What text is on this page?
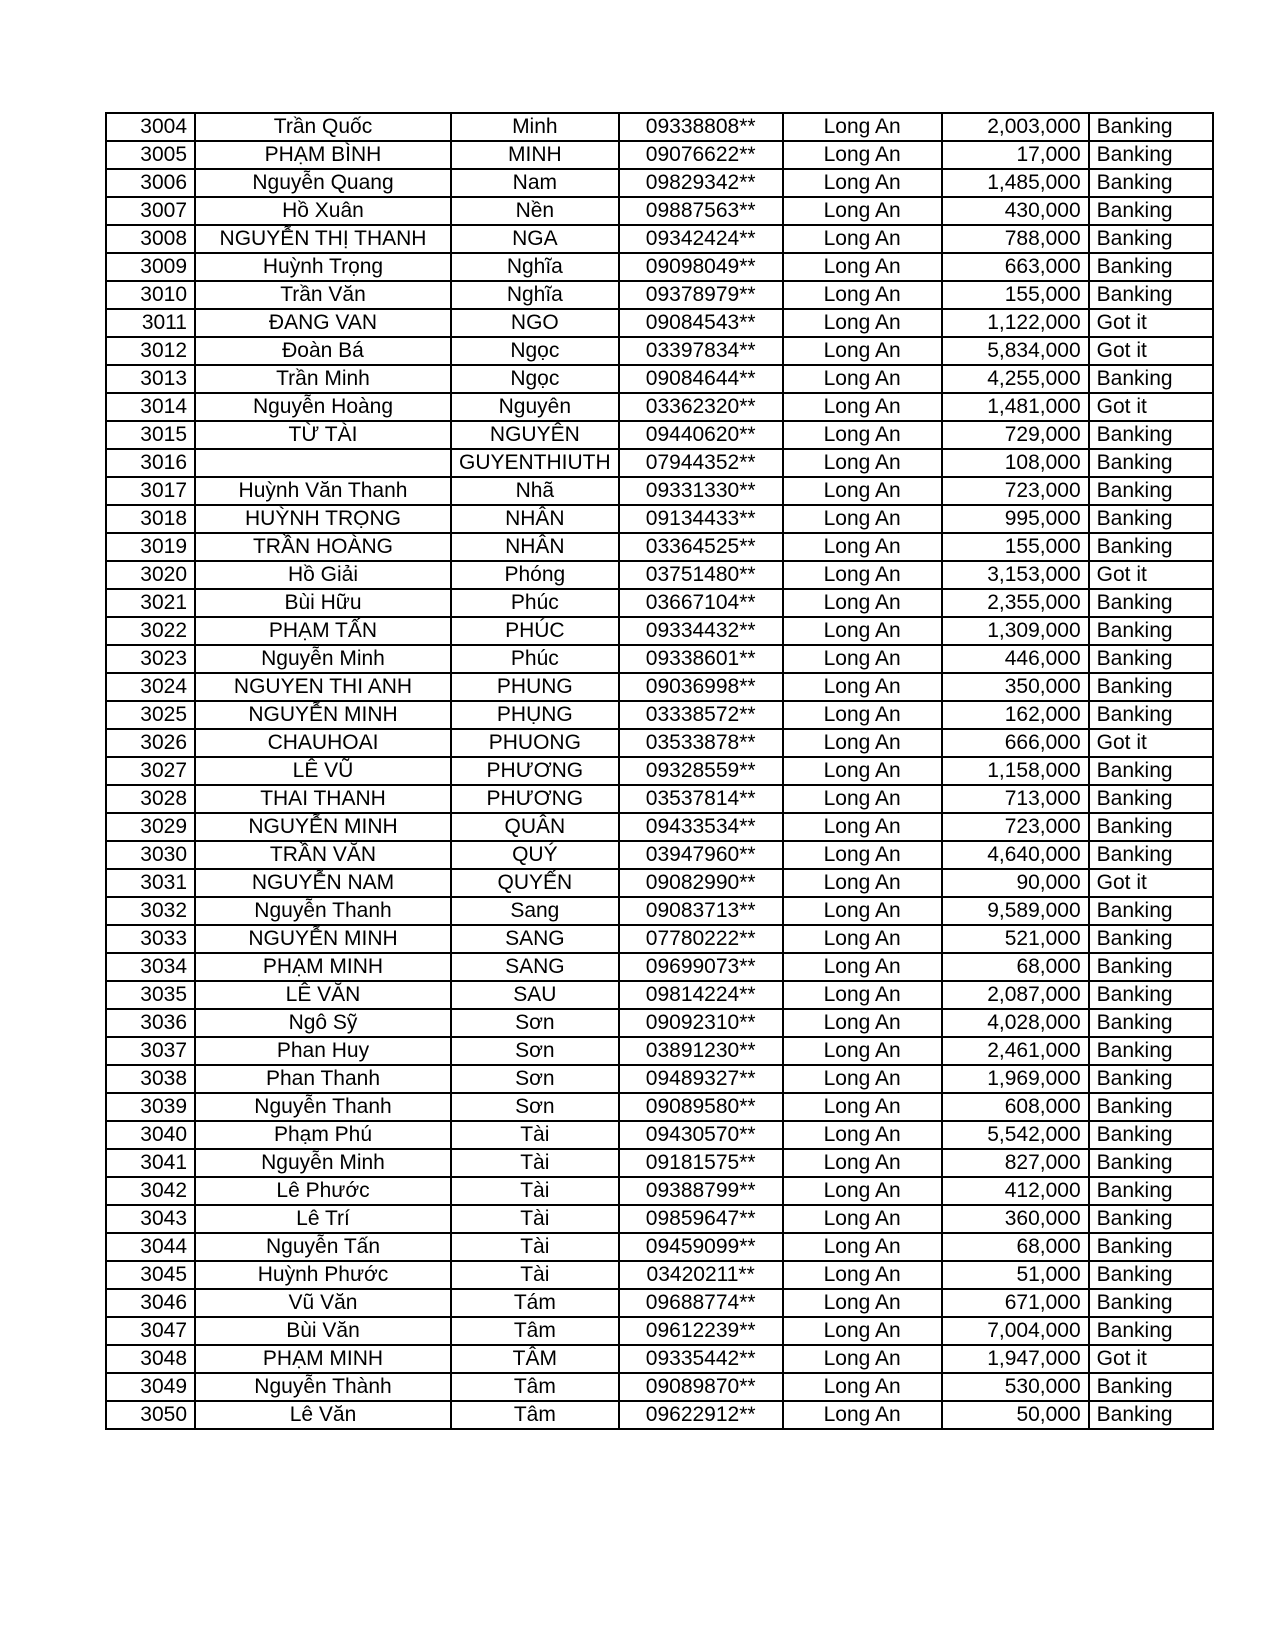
3004	Trần Quốc	Minh	09338808**	Long An	2,003,000	Banking
3005	PHẠM BÌNH	MINH	09076622**	Long An	17,000	Banking
3006	Nguyễn Quang	Nam	09829342**	Long An	1,485,000	Banking
3007	Hồ Xuân	Nền	09887563**	Long An	430,000	Banking
3008	NGUYỄN THỊ THANH	NGA	09342424**	Long An	788,000	Banking
3009	Huỳnh Trọng	Nghĩa	09098049**	Long An	663,000	Banking
3010	Trần Văn	Nghĩa	09378979**	Long An	155,000	Banking
3011	ĐANG VAN	NGO	09084543**	Long An	1,122,000	Got it
3012	Đoàn Bá	Ngọc	03397834**	Long An	5,834,000	Got it
3013	Trần Minh	Ngọc	09084644**	Long An	4,255,000	Banking
3014	Nguyễn Hoàng	Nguyên	03362320**	Long An	1,481,000	Got it
3015	TỪ TÀI	NGUYÊN	09440620**	Long An	729,000	Banking
3016		GUYENTHIUTH	07944352**	Long An	108,000	Banking
3017	Huỳnh Văn Thanh	Nhã	09331330**	Long An	723,000	Banking
3018	HUỲNH TRỌNG	NHÂN	09134433**	Long An	995,000	Banking
3019	TRẦN HOÀNG	NHÂN	03364525**	Long An	155,000	Banking
3020	Hồ Giải	Phóng	03751480**	Long An	3,153,000	Got it
3021	Bùi Hữu	Phúc	03667104**	Long An	2,355,000	Banking
3022	PHẠM TẤN	PHÚC	09334432**	Long An	1,309,000	Banking
3023	Nguyễn Minh	Phúc	09338601**	Long An	446,000	Banking
3024	NGUYEN THI ANH	PHUNG	09036998**	Long An	350,000	Banking
3025	NGUYỄN MINH	PHỤNG	03338572**	Long An	162,000	Banking
3026	CHAUHOAI	PHUONG	03533878**	Long An	666,000	Got it
3027	LÊ VŨ	PHƯƠNG	09328559**	Long An	1,158,000	Banking
3028	THAI THANH	PHƯƠNG	03537814**	Long An	713,000	Banking
3029	NGUYỄN MINH	QUÂN	09433534**	Long An	723,000	Banking
3030	TRẦN VĂN	QUÝ	03947960**	Long An	4,640,000	Banking
3031	NGUYỄN NAM	QUYẾN	09082990**	Long An	90,000	Got it
3032	Nguyễn Thanh	Sang	09083713**	Long An	9,589,000	Banking
3033	NGUYỄN MINH	SANG	07780222**	Long An	521,000	Banking
3034	PHẠM MINH	SANG	09699073**	Long An	68,000	Banking
3035	LÊ VĂN	SAU	09814224**	Long An	2,087,000	Banking
3036	Ngô Sỹ	Sơn	09092310**	Long An	4,028,000	Banking
3037	Phan Huy	Sơn	03891230**	Long An	2,461,000	Banking
3038	Phan Thanh	Sơn	09489327**	Long An	1,969,000	Banking
3039	Nguyễn Thanh	Sơn	09089580**	Long An	608,000	Banking
3040	Phạm Phú	Tài	09430570**	Long An	5,542,000	Banking
3041	Nguyễn Minh	Tài	09181575**	Long An	827,000	Banking
3042	Lê Phước	Tài	09388799**	Long An	412,000	Banking
3043	Lê Trí	Tài	09859647**	Long An	360,000	Banking
3044	Nguyễn Tấn	Tài	09459099**	Long An	68,000	Banking
3045	Huỳnh Phước	Tài	03420211**	Long An	51,000	Banking
3046	Vũ Văn	Tám	09688774**	Long An	671,000	Banking
3047	Bùi Văn	Tâm	09612239**	Long An	7,004,000	Banking
3048	PHẠM MINH	TÂM	09335442**	Long An	1,947,000	Got it
3049	Nguyễn Thành	Tâm	09089870**	Long An	530,000	Banking
3050	Lê Văn	Tâm	09622912**	Long An	50,000	Banking
